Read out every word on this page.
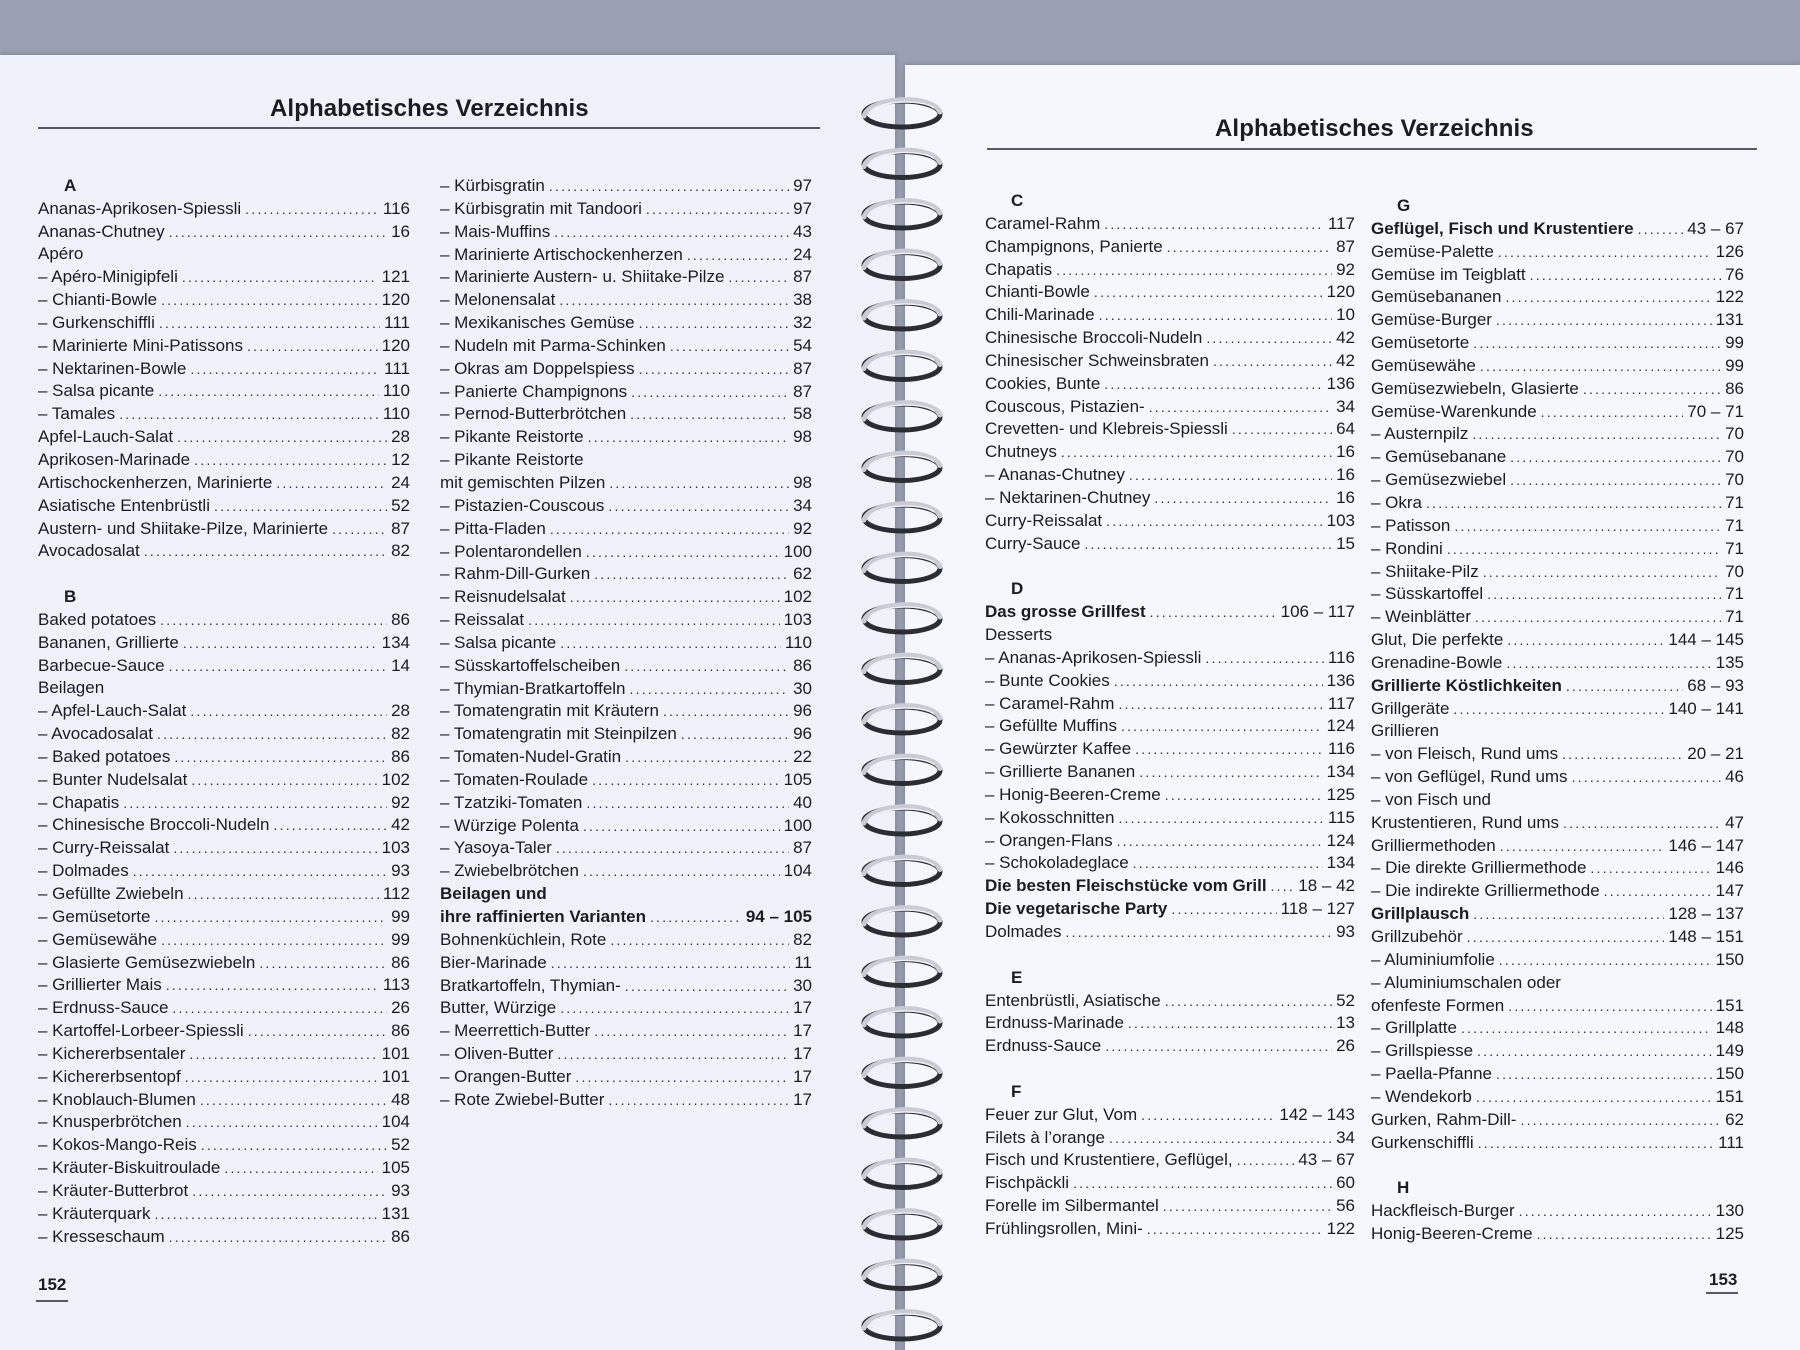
Alphabetisches Verzeichnis
A
Ananas-Aprikosen-Spiessli .....	116
Ananas-Chutney .....	16
Apéro
– Apéro-Minigipfeli .....	121
– Chianti-Bowle .....	120
– Gurkenschiffli .....	111
– Marinierte Mini-Patissons .....	120
– Nektarinen-Bowle .....	111
– Salsa picante .....	110
– Tamales .....	110
Apfel-Lauch-Salat .....	28
Aprikosen-Marinade .....	12
Artischockenherzen, Marinierte .....	24
Asiatische Entenbrüstli .....	52
Austern- und Shiitake-Pilze, Marinierte .....	87
Avocadosalat .....	82
B
Baked potatoes .....	86
Bananen, Grillierte .....	134
Barbecue-Sauce .....	14
Beilagen
– Apfel-Lauch-Salat .....	28
– Avocadosalat .....	82
– Baked potatoes .....	86
– Bunter Nudelsalat .....	102
– Chapatis .....	92
– Chinesische Broccoli-Nudeln .....	42
– Curry-Reissalat .....	103
– Dolmades .....	93
– Gefüllte Zwiebeln .....	112
– Gemüsetorte .....	99
– Gemüsewähe .....	99
– Glasierte Gemüsezwiebeln .....	86
– Grillierter Mais .....	113
– Erdnuss-Sauce .....	26
– Kartoffel-Lorbeer-Spiessli .....	86
– Kichererbsentaler .....	101
– Kichererbsentopf .....	101
– Knoblauch-Blumen .....	48
– Knusperbrötchen .....	104
– Kokos-Mango-Reis .....	52
– Kräuter-Biskuitroulade .....	105
– Kräuter-Butterbrot .....	93
– Kräuterquark .....	131
– Kresseschaum .....	86
– Kürbisgratin .....	97
– Kürbisgratin mit Tandoori .....	97
– Mais-Muffins .....	43
– Marinierte Artischockenherzen .....	24
– Marinierte Austern- u. Shiitake-Pilze .....	87
– Melonensalat .....	38
– Mexikanisches Gemüse .....	32
– Nudeln mit Parma-Schinken .....	54
– Okras am Doppelspiess .....	87
– Panierte Champignons .....	87
– Pernod-Butterbrötchen .....	58
– Pikante Reistorte .....	98
– Pikante Reistorte
mit gemischten Pilzen .....	98
– Pistazien-Couscous .....	34
– Pitta-Fladen .....	92
– Polentarondellen .....	100
– Rahm-Dill-Gurken .....	62
– Reisnudelsalat .....	102
– Reissalat .....	103
– Salsa picante .....	110
– Süsskartoffelscheiben .....	86
– Thymian-Bratkartoffeln .....	30
– Tomatengratin mit Kräutern .....	96
– Tomatengratin mit Steinpilzen .....	96
– Tomaten-Nudel-Gratin .....	22
– Tomaten-Roulade .....	105
– Tzatziki-Tomaten .....	40
– Würzige Polenta .....	100
– Yasoya-Taler .....	87
– Zwiebelbrötchen .....	104
Beilagen und
ihre raffinierten Varianten .....	94 – 105
Bohnenküchlein, Rote .....	82
Bier-Marinade .....	11
Bratkartoffeln, Thymian- .....	30
Butter, Würzige .....	17
– Meerrettich-Butter .....	17
– Oliven-Butter .....	17
– Orangen-Butter .....	17
– Rote Zwiebel-Butter .....	17
152
Alphabetisches Verzeichnis
C
Caramel-Rahm .....	117
Champignons, Panierte .....	87
Chapatis .....	92
Chianti-Bowle .....	120
Chili-Marinade .....	10
Chinesische Broccoli-Nudeln .....	42
Chinesischer Schweinsbraten .....	42
Cookies, Bunte .....	136
Couscous, Pistazien- .....	34
Crevetten- und Klebreis-Spiessli .....	64
Chutneys .....	16
– Ananas-Chutney .....	16
– Nektarinen-Chutney .....	16
Curry-Reissalat .....	103
Curry-Sauce .....	15
D
Das grosse Grillfest .....	106 – 117
Desserts
– Ananas-Aprikosen-Spiessli .....	116
– Bunte Cookies .....	136
– Caramel-Rahm .....	117
– Gefüllte Muffins .....	124
– Gewürzter Kaffee .....	116
– Grillierte Bananen .....	134
– Honig-Beeren-Creme .....	125
– Kokosschnitten .....	115
– Orangen-Flans .....	124
– Schokoladeglace .....	134
Die besten Fleischstücke vom Grill ..... 18 – 42
Die vegetarische Party .....	118 – 127
Dolmades .....	93
E
Entenbrüstli, Asiatische .....	52
Erdnuss-Marinade .....	13
Erdnuss-Sauce .....	26
F
Feuer zur Glut, Vom .....	142 – 143
Filets à l’orange .....	34
Fisch und Krustentiere, Geflügel, .....	43 – 67
Fischpäckli .....	60
Forelle im Silbermantel .....	56
Frühlingsrollen, Mini- .....	122
G
Geflügel, Fisch und Krustentiere .....	43 – 67
Gemüse-Palette .....	126
Gemüse im Teigblatt .....	76
Gemüsebananen .....	122
Gemüse-Burger .....	131
Gemüsetorte .....	99
Gemüsewähe .....	99
Gemüsezwiebeln, Glasierte .....	86
Gemüse-Warenkunde .....	70 – 71
– Austernpilz .....	70
– Gemüsebanane .....	70
– Gemüsezwiebel .....	70
– Okra .....	71
– Patisson .....	71
– Rondini .....	71
– Shiitake-Pilz .....	70
– Süsskartoffel .....	71
– Weinblätter .....	71
Glut, Die perfekte .....	144 – 145
Grenadine-Bowle .....	135
Grillierte Köstlichkeiten .....	68 – 93
Grillgeräte .....	140 – 141
Grillieren
– von Fleisch, Rund ums .....	20 – 21
– von Geflügel, Rund ums .....	46
– von Fisch und
Krustentieren, Rund ums .....	47
Grilliermethoden .....	146 – 147
– Die direkte Grilliermethode .....	146
– Die indirekte Grilliermethode .....	147
Grillplausch .....	128 – 137
Grillzubehör .....	148 – 151
– Aluminiumfolie .....	150
– Aluminiumschalen oder
ofenfeste Formen .....	151
– Grillplatte .....	148
– Grillspiesse .....	149
– Paella-Pfanne .....	150
– Wendekorb .....	151
Gurken, Rahm-Dill- .....	62
Gurkenschiffli .....	111
H
Hackfleisch-Burger .....	130
Honig-Beeren-Creme .....	125
153
